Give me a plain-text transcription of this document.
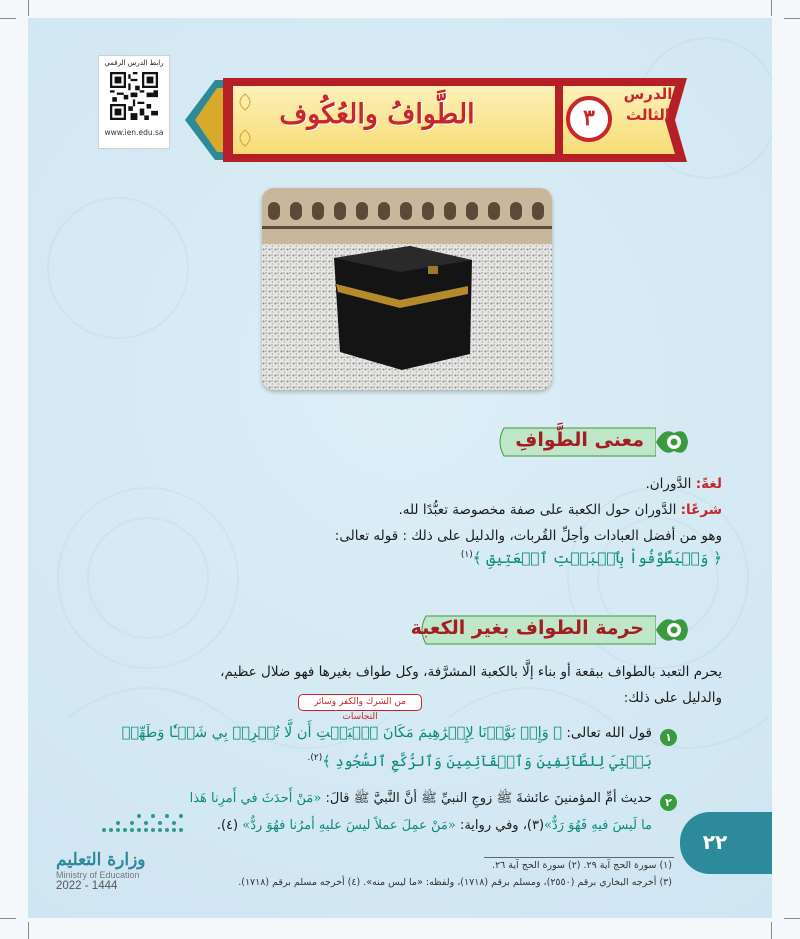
رابط الدرس الرقمي
www.ien.edu.sa
الطَّوافُ والعُكُوف	٣
الدرس
الثالث
معنى الطَّوافِ
لغةً: الدَّوران.
شرعًا: الدَّوران حول الكعبة على صفة مخصوصة تعبُّدًا لله.
وهو من أفضل العبادات وأجلِّ القُربات، والدليل على ذلك : قوله تعالى:
﴿ وَلۡيَطَّوَّفُواْ بِٱلۡبَيۡتِ ٱلۡعَتِيقِ ﴾$^{(١)}$
حرمة الطواف بغير الكعبة
يحرم التعبد بالطواف ببقعة أو بناء إلَّا بالكعبة المشرَّفة، وكل طواف بغيرها فهو ضلال عظيم،
والدليل على ذلك:
من الشرك والكفر وسائر النجاسات
١
قول الله تعالى: ﴿ وَإِذۡ بَوَّأۡنَا لِإِبۡرَٰهِيمَ مَكَانَ ٱلۡبَيۡتِ أَن لَّا تُشۡرِكۡ بِي شَيۡـٔٗا وَطَهِّرۡ
بَيۡتِيَ لِلطَّآئِفِينَ وَٱلۡقَآئِمِينَ وَٱلرُّكَّعِ ٱلسُّجُودِ ﴾$^{(٢).}$
٢
حديث أمِّ المؤمنينَ عائشةَ ﷺ زوجِ النبيِّ ﷺ أنَّ النَّبيَّ ﷺ قالَ: «مَنْ أَحدَثَ في أَمرِنا هَذا
ما لَيسَ فيهِ فَهُوَ رَدٌّ»(٣)، وفي رواية: «مَنْ عمِلَ عملاً ليسَ عليهِ أمرُنا فهُوَ ردٌّ» (٤).
٢٢
(١) سورة الحج آية ٢٩. (٢) سورة الحج آية ٢٦.
(٣) أخرجه البخاري برقم (٢٥٥٠)، ومسلم برقم (١٧١٨)، ولفظه: «ما ليس منه». (٤) أخرجه مسلم برقم (١٧١٨).
وزارة التعليم
Ministry of Education
2022 - 1444
